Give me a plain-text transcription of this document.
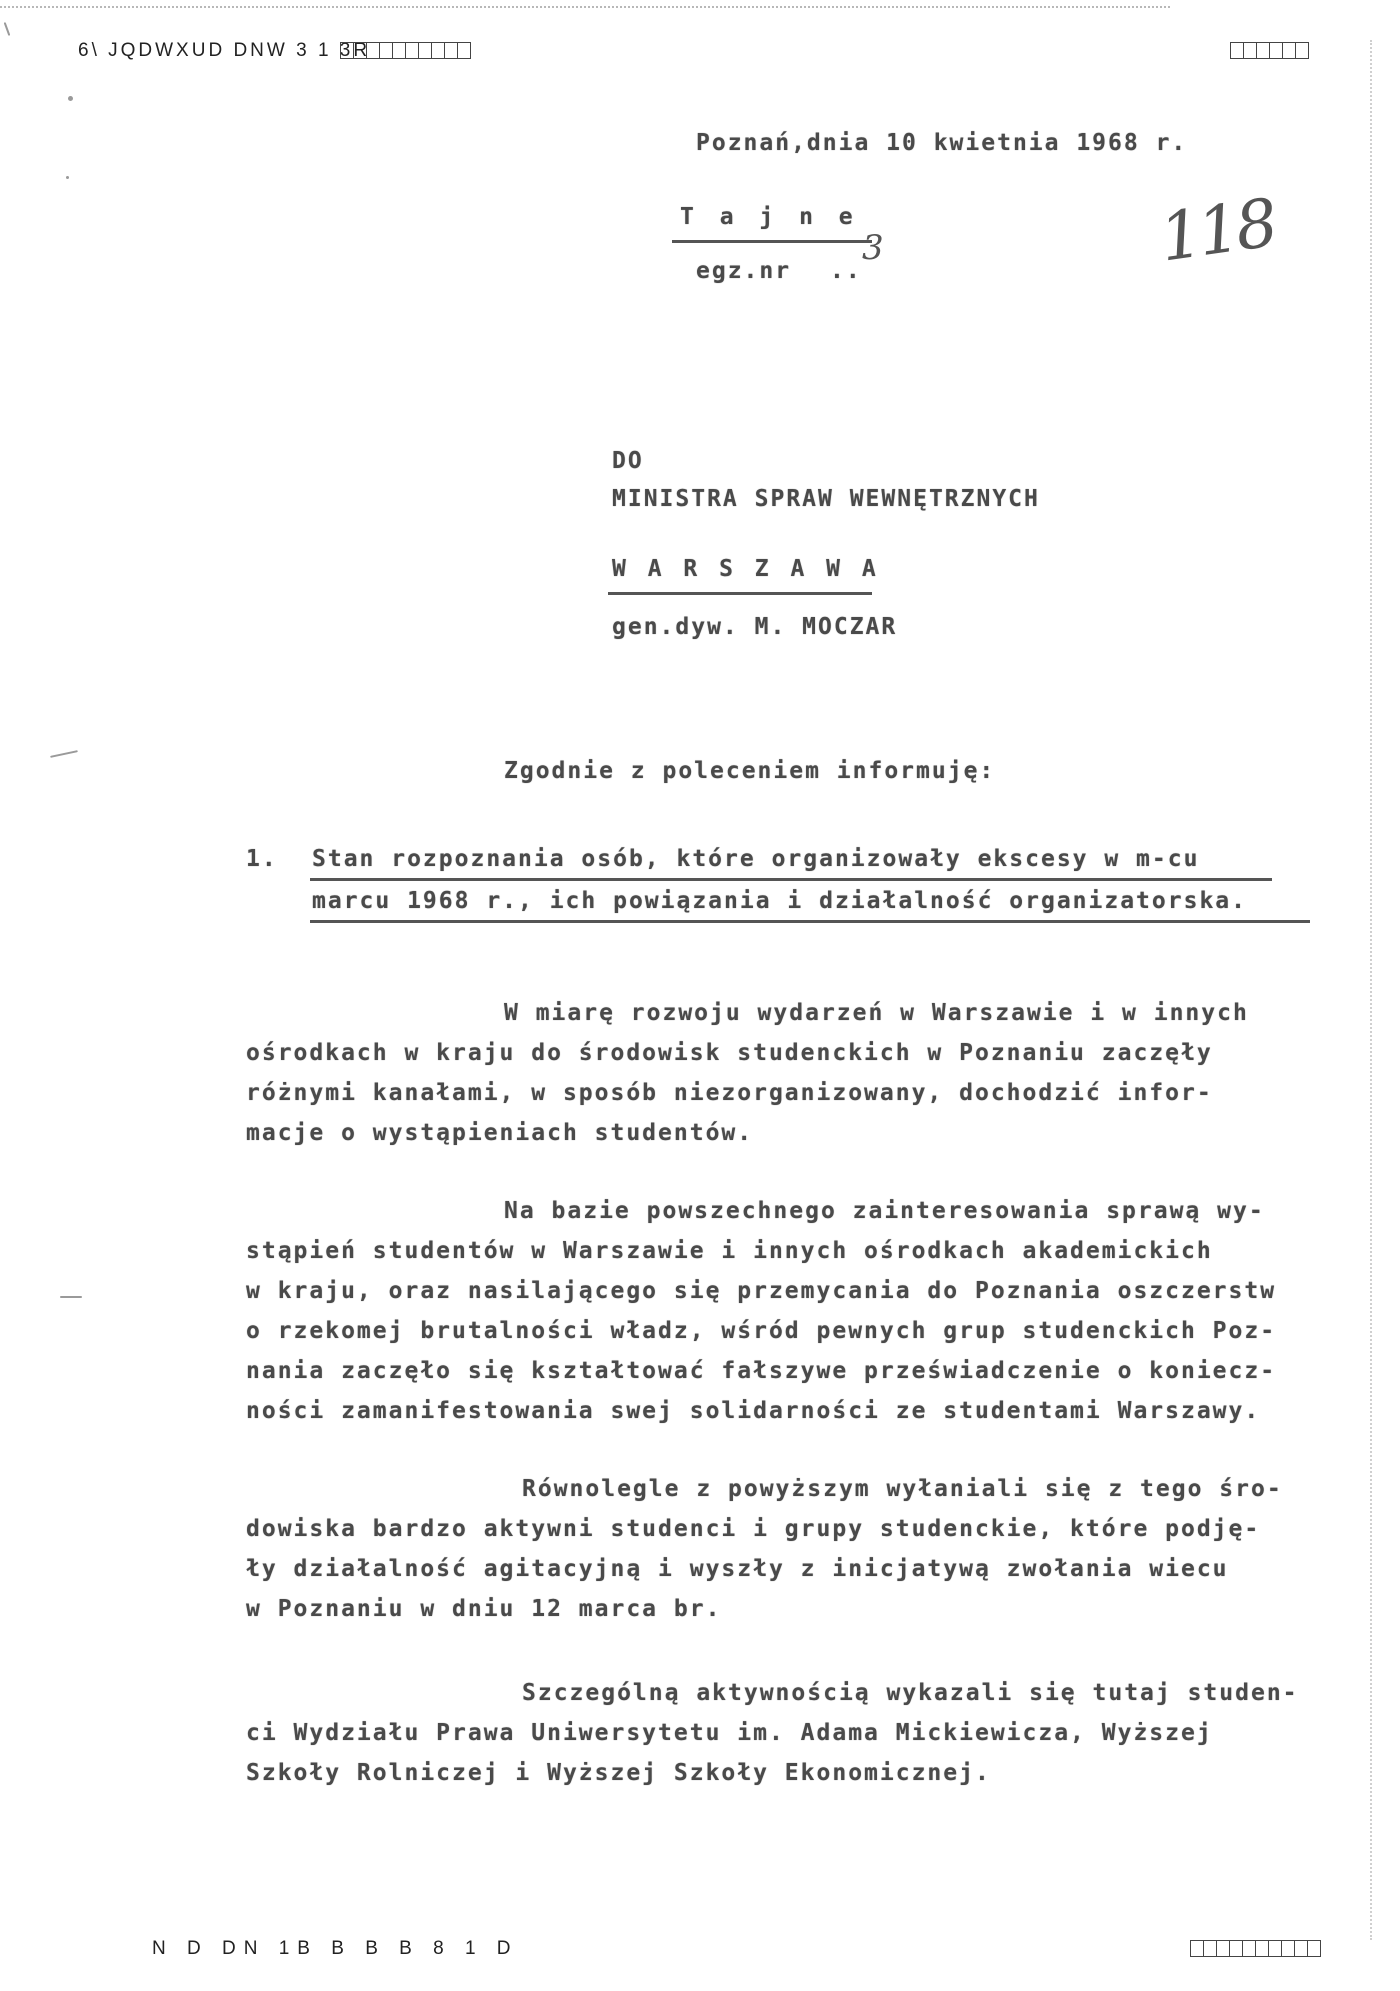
6\ JQDWXUD DNW 3 1 3R
Poznań,dnia 10 kwietnia 1968 r.
T a j n e
egz.nr ..
3	118
DO
MINISTRA SPRAW WEWNĘTRZNYCH
W A R S Z A W A
gen.dyw. M. MOCZAR
Zgodnie z poleceniem informuję:
1. Stan rozpoznania osób, które organizowały ekscesy w m-cu
marcu 1968 r., ich powiązania i działalność organizatorska.
W miarę rozwoju wydarzeń w Warszawie i w innych
ośrodkach w kraju do środowisk studenckich w Poznaniu zaczęły
różnymi kanałami, w sposób niezorganizowany, dochodzić infor-
macje o wystąpieniach studentów.
Na bazie powszechnego zainteresowania sprawą wy-
stąpień studentów w Warszawie i innych ośrodkach akademickich
w kraju, oraz nasilającego się przemycania do Poznania oszczerstw
o rzekomej brutalności władz, wśród pewnych grup studenckich Poz-
nania zaczęło się kształtować fałszywe przeświadczenie o koniecz-
ności zamanifestowania swej solidarności ze studentami Warszawy.
Równolegle z powyższym wyłaniali się z tego śro-
dowiska bardzo aktywni studenci i grupy studenckie, które podję-
ły działalność agitacyjną i wyszły z inicjatywą zwołania wiecu
w Poznaniu w dniu 12 marca br.
Szczególną aktywnością wykazali się tutaj studen-
ci Wydziału Prawa Uniwersytetu im. Adama Mickiewicza, Wyższej
Szkoły Rolniczej i Wyższej Szkoły Ekonomicznej.
N D DN 1B B B B 8 1 D
